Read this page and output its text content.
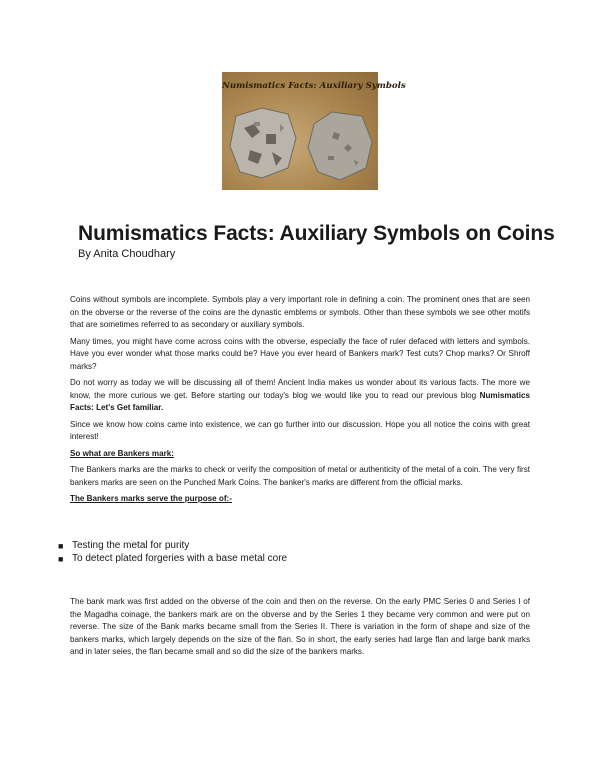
Numismatics Facts: Auxiliary Symbols
Numismatics Facts: Auxiliary Symbols on Coins
By Anita Choudhary

Coins without symbols are incomplete. Symbols play a very important role in defining a coin. The prominent ones that are seen on the obverse or the reverse of the coins are the dynastic emblems or symbols. Other than these symbols we see other motifs that are sometimes referred to as secondary or auxiliary symbols.

Many times, you might have come across coins with the obverse, especially the face of ruler defaced with letters and symbols. Have you ever wonder what those marks could be? Have you ever heard of Bankers mark? Test cuts? Chop marks? Or Shroff marks?

Do not worry as today we will be discussing all of them! Ancient India makes us wonder about its various facts. The more we know, the more curious we get. Before starting our today's blog we would like you to read our previous blog Numismatics Facts: Let's Get familiar.

Since we know how coins came into existence, we can go further into our discussion. Hope you all notice the coins with great interest!

So what are Bankers mark:

The Bankers marks are the marks to check or verify the composition of metal or authenticity of the metal of a coin. The very first bankers marks are seen on the Punched Mark Coins. The banker's marks are different from the official marks.

The Bankers marks serve the purpose of:-

■ Testing the metal for purity
■ To detect plated forgeries with a base metal core

The bank mark was first added on the obverse of the coin and then on the reverse. On the early PMC Series 0 and Series I of the Magadha coinage, the bankers mark are on the obverse and by the Series 1 they became very common and were put on reverse. The size of the Bank marks became small from the Series II. There is variation in the form of shape and size of the bankers marks, which largely depends on the size of the flan. So in short, the early series had large flan and large bank marks and in later seies, the flan became small and so did the size of the bankers marks.
